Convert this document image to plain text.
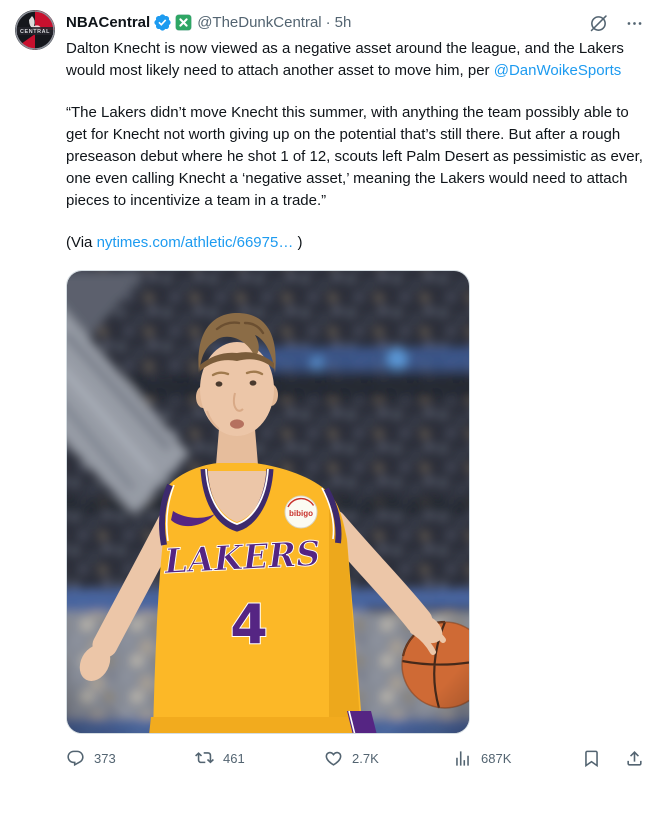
CENTRAL
NBACentral	@TheDunkCentral · 5h

Dalton Knecht is now viewed as a negative asset around the league, and the Lakers would most likely need to attach another asset to move him, per @DanWoikeSports

“The Lakers didn’t move Knecht this summer, with anything the team possibly able to get for Knecht not worth giving up on the potential that’s still there. But after a rough preseason debut where he shot 1 of 12, scouts left Palm Desert as pessimistic as ever, one even calling Knecht a ‘negative asset,’ meaning the Lakers would need to attach pieces to incentivize a team in a trade.”

(Via nytimes.com/athletic/66975… )

373	461	2.7K	687K
